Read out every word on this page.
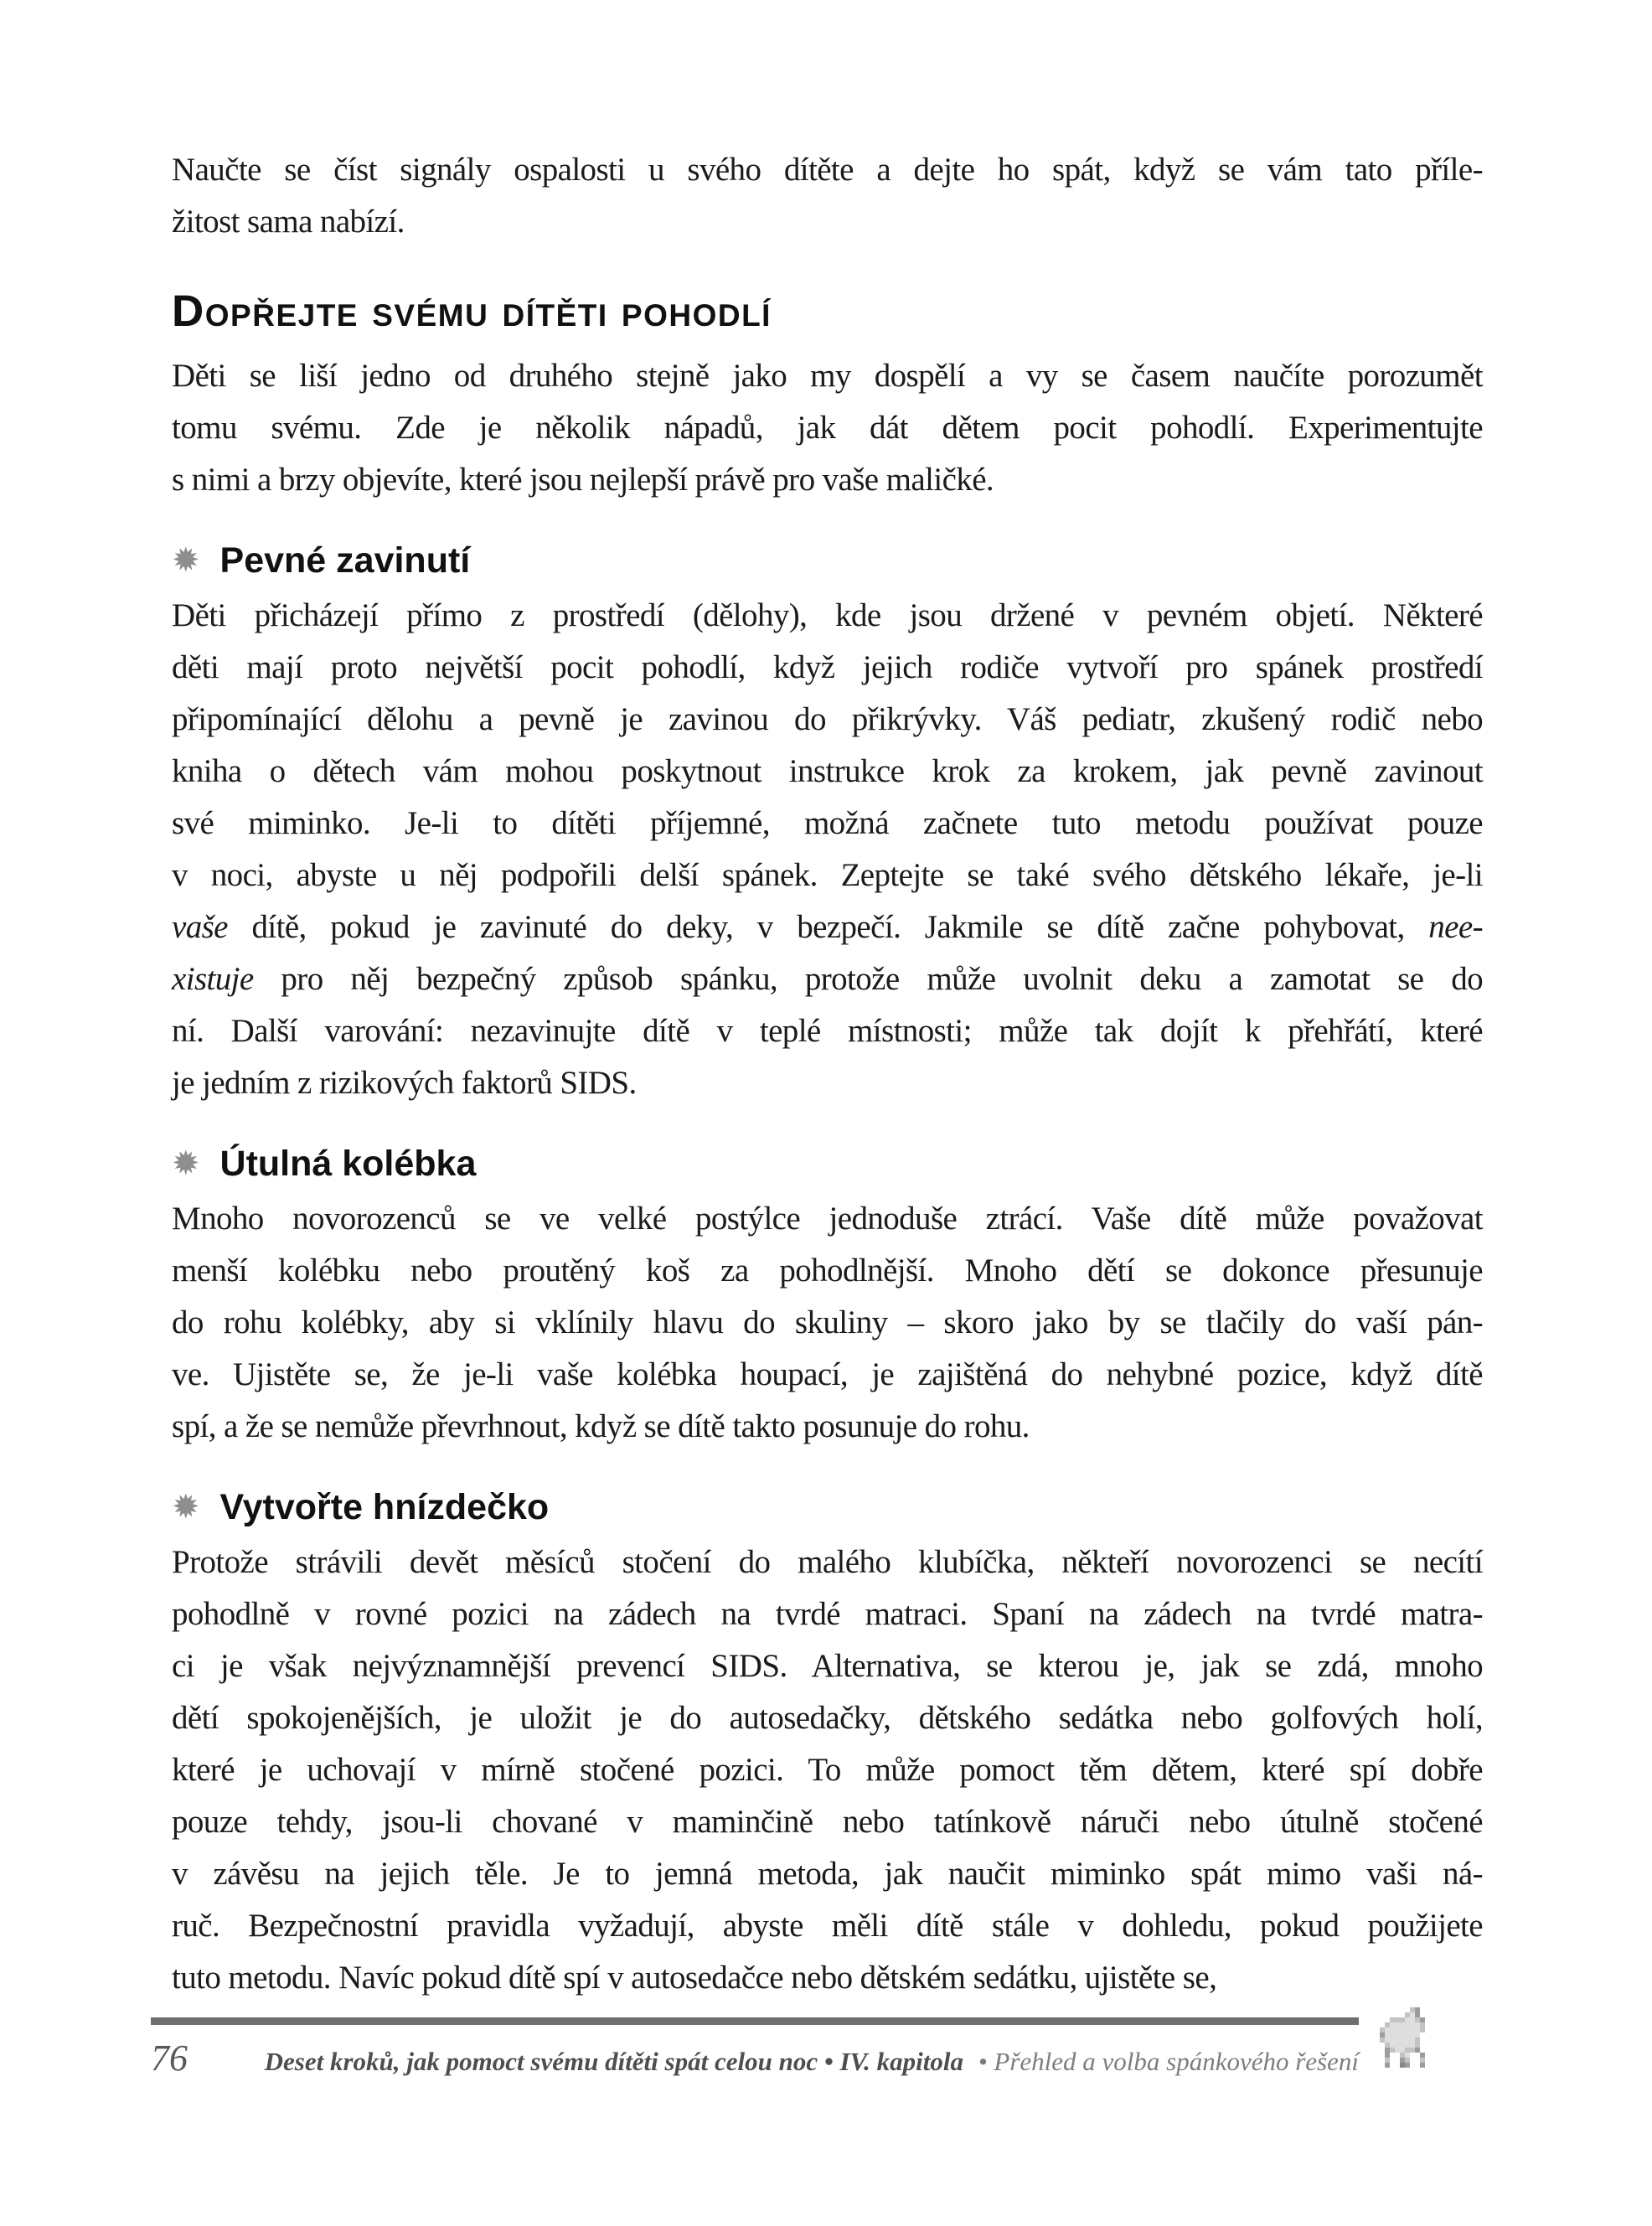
Naučte se číst signály ospalosti u svého dítěte a dejte ho spát, když se vám tato příle-
žitost sama nabízí.
Dopřejte svému dítěti pohodlí
Děti se liší jedno od druhého stejně jako my dospělí a vy se časem naučíte porozumět
tomu svému. Zde je několik nápadů, jak dát dětem pocit pohodlí. Experimentujte
s nimi a brzy objevíte, které jsou nejlepší právě pro vaše maličké.
✹ Pevné zavinutí
Děti přicházejí přímo z prostředí (dělohy), kde jsou držené v pevném objetí. Některé
děti mají proto největší pocit pohodlí, když jejich rodiče vytvoří pro spánek prostředí
připomínající dělohu a pevně je zavinou do přikrývky. Váš pediatr, zkušený rodič nebo
kniha o dětech vám mohou poskytnout instrukce krok za krokem, jak pevně zavinout
své miminko. Je-li to dítěti příjemné, možná začnete tuto metodu používat pouze
v noci, abyste u něj podpořili delší spánek. Zeptejte se také svého dětského lékaře, je-li
vaše dítě, pokud je zavinuté do deky, v bezpečí. Jakmile se dítě začne pohybovat, nee-
xistuje pro něj bezpečný způsob spánku, protože může uvolnit deku a zamotat se do
ní. Další varování: nezavinujte dítě v teplé místnosti; může tak dojít k přehřátí, které
je jedním z rizikových faktorů SIDS.
✹ Útulná kolébka
Mnoho novorozenců se ve velké postýlce jednoduše ztrácí. Vaše dítě může považovat
menší kolébku nebo proutěný koš za pohodlnější. Mnoho dětí se dokonce přesunuje
do rohu kolébky, aby si vklínily hlavu do skuliny – skoro jako by se tlačily do vaší pán-
ve. Ujistěte se, že je-li vaše kolébka houpací, je zajištěná do nehybné pozice, když dítě
spí, a že se nemůže převrhnout, když se dítě takto posunuje do rohu.
✹ Vytvořte hnízdečko
Protože strávili devět měsíců stočení do malého klubíčka, někteří novorozenci se necítí
pohodlně v rovné pozici na zádech na tvrdé matraci. Spaní na zádech na tvrdé matra-
ci je však nejvýznamnější prevencí SIDS. Alternativa, se kterou je, jak se zdá, mnoho
dětí spokojenějších, je uložit je do autosedačky, dětského sedátka nebo golfových holí,
které je uchovají v mírně stočené pozici. To může pomoct těm dětem, které spí dobře
pouze tehdy, jsou-li chované v maminčině nebo tatínkově náruči nebo útulně stočené
v závěsu na jejich těle. Je to jemná metoda, jak naučit miminko spát mimo vaši ná-
ruč. Bezpečnostní pravidla vyžadují, abyste měli dítě stále v dohledu, pokud použijete
tuto metodu. Navíc pokud dítě spí v autosedačce nebo dětském sedátku, ujistěte se,
76	Deset kroků, jak pomoct svému dítěti spát celou noc • IV. kapitola • Přehled a volba spánkového řešení
